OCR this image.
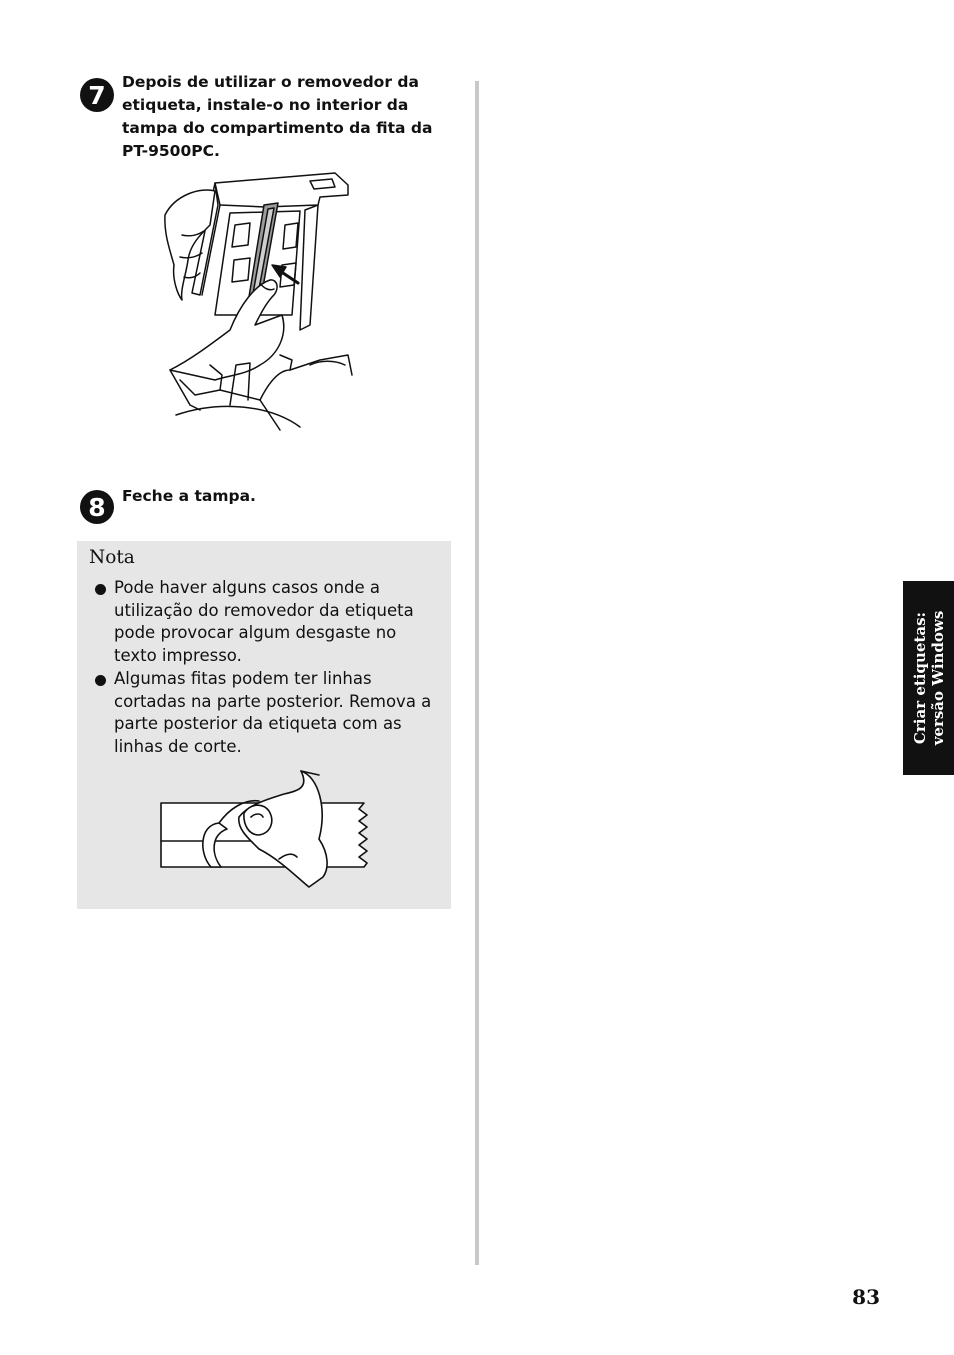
7	Depois de utilizar o removedor da etiqueta, instale-o no interior da tampa do compartimento da fita da PT-9500PC.
8	Feche a tampa.
Nota
Pode haver alguns casos onde a utilização do removedor da etiqueta pode provocar algum desgaste no texto impresso.
Algumas fitas podem ter linhas cortadas na parte posterior. Remova a parte posterior da etiqueta com as linhas de corte.
Criar etiquetas: versão Windows
83
